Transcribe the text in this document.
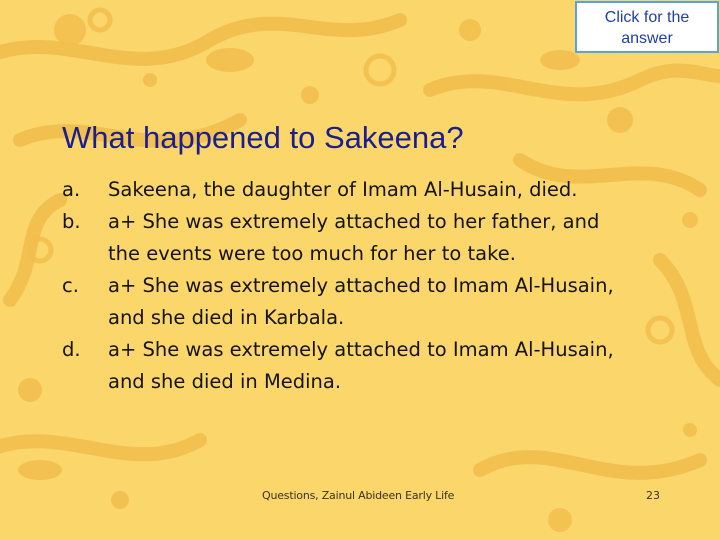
Click for the
answer
What happened to Sakeena?
a.	Sakeena, the daughter of Imam Al-Husain, died.
b.	a+ She was extremely attached to her father, and
the events were too much for her to take.
c.	a+ She was extremely attached to Imam Al-Husain,
and she died in Karbala.
d.	a+ She was extremely attached to Imam Al-Husain,
and she died in Medina.
Questions, Zainul Abideen Early Life	23
